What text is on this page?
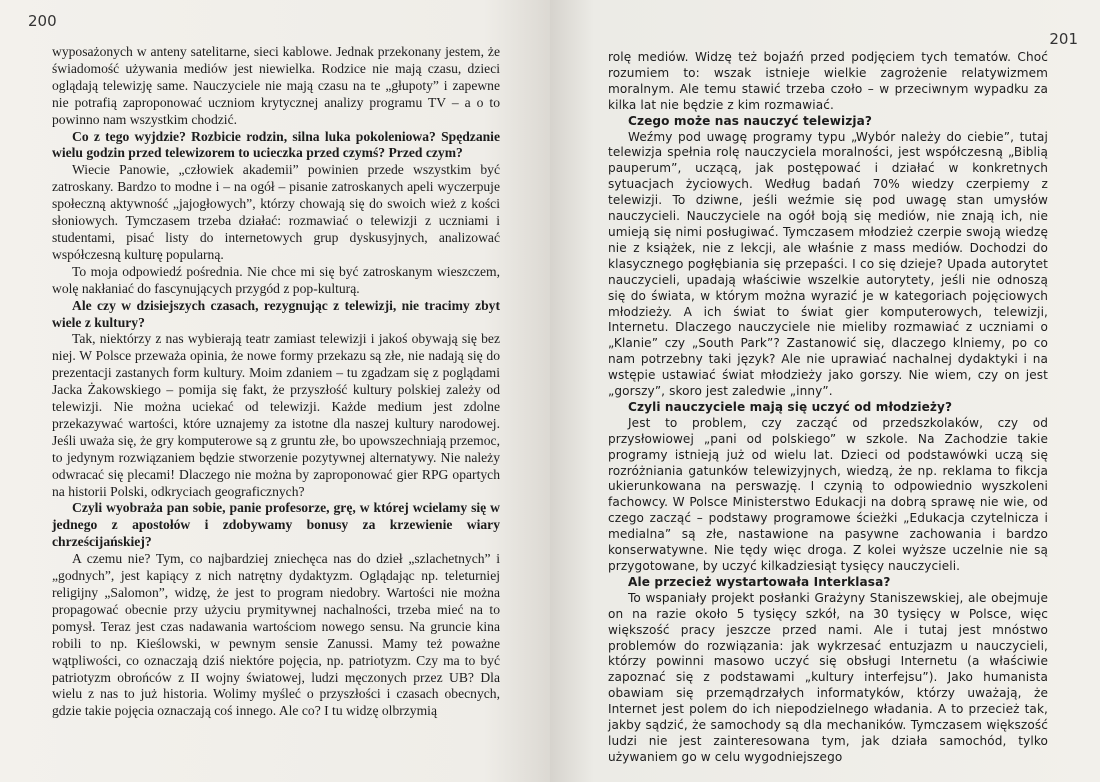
200

wyposażonych w anteny satelitarne, sieci kablowe. Jednak przekonany jestem, że świadomość używania mediów jest niewielka. Rodzice nie mają czasu, dzieci oglądają telewizję same. Nauczyciele nie mają czasu na te „głupoty” i zapewne nie potrafią zaproponować uczniom krytycznej analizy programu TV – a o to powinno nam wszystkim chodzić.

Co z tego wyjdzie? Rozbicie rodzin, silna luka pokoleniowa? Spędzanie wielu godzin przed telewizorem to ucieczka przed czymś? Przed czym?

Wiecie Panowie, „człowiek akademii” powinien przede wszystkim być zatroskany. Bardzo to modne i – na ogół – pisanie zatroskanych apeli wyczerpuje społeczną aktywność „jajogłowych”, którzy chowają się do swoich wież z kości słoniowych. Tymczasem trzeba działać: rozmawiać o telewizji z uczniami i studentami, pisać listy do internetowych grup dyskusyjnych, analizować współczesną kulturę popularną.

To moja odpowiedź pośrednia. Nie chce mi się być zatroskanym wieszczem, wolę nakłaniać do fascynujących przygód z pop-kulturą.

Ale czy w dzisiejszych czasach, rezygnując z telewizji, nie tracimy zbyt wiele z kultury?

Tak, niektórzy z nas wybierają teatr zamiast telewizji i jakoś obywają się bez niej. W Polsce przeważa opinia, że nowe formy przekazu są złe, nie nadają się do prezentacji zastanych form kultury. Moim zdaniem – tu zgadzam się z poglądami Jacka Żakowskiego – pomija się fakt, że przyszłość kultury polskiej zależy od telewizji. Nie można uciekać od telewizji. Każde medium jest zdolne przekazywać wartości, które uznajemy za istotne dla naszej kultury narodowej. Jeśli uważa się, że gry komputerowe są z gruntu złe, bo upowszechniają przemoc, to jedynym rozwiązaniem będzie stworzenie pozytywnej alternatywy. Nie należy odwracać się plecami! Dlaczego nie można by zaproponować gier RPG opartych na historii Polski, odkryciach geograficznych?

Czyli wyobraża pan sobie, panie profesorze, grę, w której wcielamy się w jednego z apostołów i zdobywamy bonusy za krzewienie wiary chrześcijańskiej?

A czemu nie? Tym, co najbardziej zniechęca nas do dzieł „szlachetnych” i „godnych”, jest kapiący z nich natrętny dydaktyzm. Oglądając np. teleturniej religijny „Salomon”, widzę, że jest to program niedobry. Wartości nie można propagować obecnie przy użyciu prymitywnej nachalności, trzeba mieć na to pomysł. Teraz jest czas nadawania wartościom nowego sensu. Na gruncie kina robili to np. Kieślowski, w pewnym sensie Zanussi. Mamy też poważne wątpliwości, co oznaczają dziś niektóre pojęcia, np. patriotyzm. Czy ma to być patriotyzm obrońców z II wojny światowej, ludzi męczonych przez UB? Dla wielu z nas to już historia. Wolimy myśleć o przyszłości i czasach obecnych, gdzie takie pojęcia oznaczają coś innego. Ale co? I tu widzę olbrzymią

201

rolę mediów. Widzę też bojaźń przed podjęciem tych tematów. Choć rozumiem to: wszak istnieje wielkie zagrożenie relatywizmem moralnym. Ale temu stawić trzeba czoło – w przeciwnym wypadku za kilka lat nie będzie z kim rozmawiać.

Czego może nas nauczyć telewizja?

Weźmy pod uwagę programy typu „Wybór należy do ciebie”, tutaj telewizja spełnia rolę nauczyciela moralności, jest współczesną „Biblią pauperum”, uczącą, jak postępować i działać w konkretnych sytuacjach życiowych. Według badań 70% wiedzy czerpiemy z telewizji. To dziwne, jeśli weźmie się pod uwagę stan umysłów nauczycieli. Nauczyciele na ogół boją się mediów, nie znają ich, nie umieją się nimi posługiwać. Tymczasem młodzież czerpie swoją wiedzę nie z książek, nie z lekcji, ale właśnie z mass mediów. Dochodzi do klasycznego pogłębiania się przepaści. I co się dzieje? Upada autorytet nauczycieli, upadają właściwie wszelkie autorytety, jeśli nie odnoszą się do świata, w którym można wyrazić je w kategoriach pojęciowych młodzieży. A ich świat to świat gier komputerowych, telewizji, Internetu. Dlaczego nauczyciele nie mieliby rozmawiać z uczniami o „Klanie” czy „South Park”? Zastanowić się, dlaczego klniemy, po co nam potrzebny taki język? Ale nie uprawiać nachalnej dydaktyki i na wstępie ustawiać świat młodzieży jako gorszy. Nie wiem, czy on jest „gorszy”, skoro jest zaledwie „inny”.

Czyli nauczyciele mają się uczyć od młodzieży?

Jest to problem, czy zacząć od przedszkolaków, czy od przysłowiowej „pani od polskiego” w szkole. Na Zachodzie takie programy istnieją już od wielu lat. Dzieci od podstawówki uczą się rozróżniania gatunków telewizyjnych, wiedzą, że np. reklama to fikcja ukierunkowana na perswazję. I czynią to odpowiednio wyszkoleni fachowcy. W Polsce Ministerstwo Edukacji na dobrą sprawę nie wie, od czego zacząć – podstawy programowe ścieżki „Edukacja czytelnicza i medialna” są złe, nastawione na pasywne zachowania i bardzo konserwatywne. Nie tędy więc droga. Z kolei wyższe uczelnie nie są przygotowane, by uczyć kilkadziesiąt tysięcy nauczycieli.

Ale przecież wystartowała Interklasa?

To wspaniały projekt posłanki Grażyny Staniszewskiej, ale obejmuje on na razie około 5 tysięcy szkół, na 30 tysięcy w Polsce, więc większość pracy jeszcze przed nami. Ale i tutaj jest mnóstwo problemów do rozwiązania: jak wykrzesać entuzjazm u nauczycieli, którzy powinni masowo uczyć się obsługi Internetu (a właściwie zapoznać się z podstawami „kultury interfejsu”). Jako humanista obawiam się przemądrzałych informatyków, którzy uważają, że Internet jest polem do ich niepodzielnego władania. A to przecież tak, jakby sądzić, że samochody są dla mechaników. Tymczasem większość ludzi nie jest zainteresowana tym, jak działa samochód, tylko używaniem go w celu wygodniejszego
